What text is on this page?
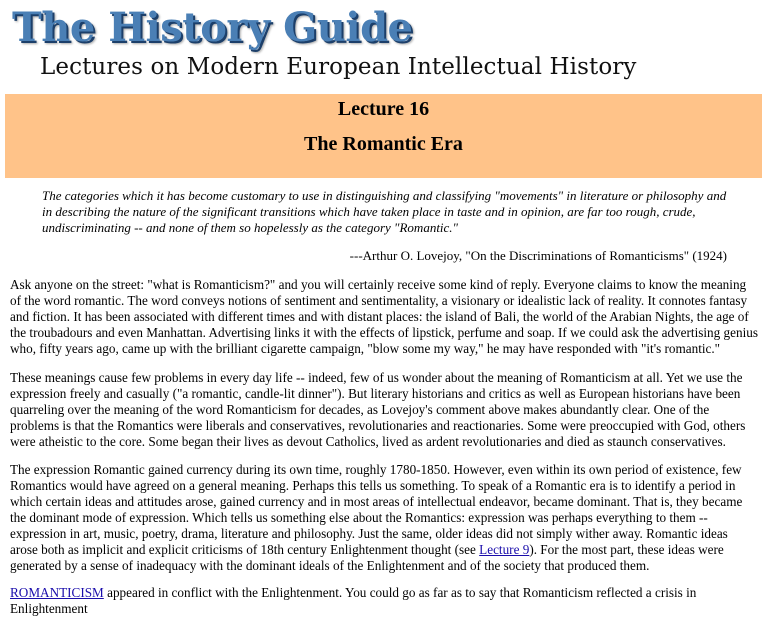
The History Guide
Lectures on Modern European Intellectual History
Lecture 16
The Romantic Era
The categories which it has become customary to use in distinguishing and classifying "movements" in literature or philosophy and in describing the nature of the significant transitions which have taken place in taste and in opinion, are far too rough, crude, undiscriminating -- and none of them so hopelessly as the category "Romantic."
---Arthur O. Lovejoy, "On the Discriminations of Romanticisms" (1924)

Ask anyone on the street: "what is Romanticism?" and you will certainly receive some kind of reply. Everyone claims to know the meaning of the word romantic. The word conveys notions of sentiment and sentimentality, a visionary or idealistic lack of reality. It connotes fantasy and fiction. It has been associated with different times and with distant places: the island of Bali, the world of the Arabian Nights, the age of the troubadours and even Manhattan. Advertising links it with the effects of lipstick, perfume and soap. If we could ask the advertising genius who, fifty years ago, came up with the brilliant cigarette campaign, "blow some my way," he may have responded with "it's romantic."

These meanings cause few problems in every day life -- indeed, few of us wonder about the meaning of Romanticism at all. Yet we use the expression freely and casually ("a romantic, candle-lit dinner"). But literary historians and critics as well as European historians have been quarreling over the meaning of the word Romanticism for decades, as Lovejoy's comment above makes abundantly clear. One of the problems is that the Romantics were liberals and conservatives, revolutionaries and reactionaries. Some were preoccupied with God, others were atheistic to the core. Some began their lives as devout Catholics, lived as ardent revolutionaries and died as staunch conservatives.

The expression Romantic gained currency during its own time, roughly 1780-1850. However, even within its own period of existence, few Romantics would have agreed on a general meaning. Perhaps this tells us something. To speak of a Romantic era is to identify a period in which certain ideas and attitudes arose, gained currency and in most areas of intellectual endeavor, became dominant. That is, they became the dominant mode of expression. Which tells us something else about the Romantics: expression was perhaps everything to them -- expression in art, music, poetry, drama, literature and philosophy. Just the same, older ideas did not simply wither away. Romantic ideas arose both as implicit and explicit criticisms of 18th century Enlightenment thought (see Lecture 9). For the most part, these ideas were generated by a sense of inadequacy with the dominant ideals of the Enlightenment and of the society that produced them.

ROMANTICISM appeared in conflict with the Enlightenment. You could go as far as to say that Romanticism reflected a crisis in Enlightenment
